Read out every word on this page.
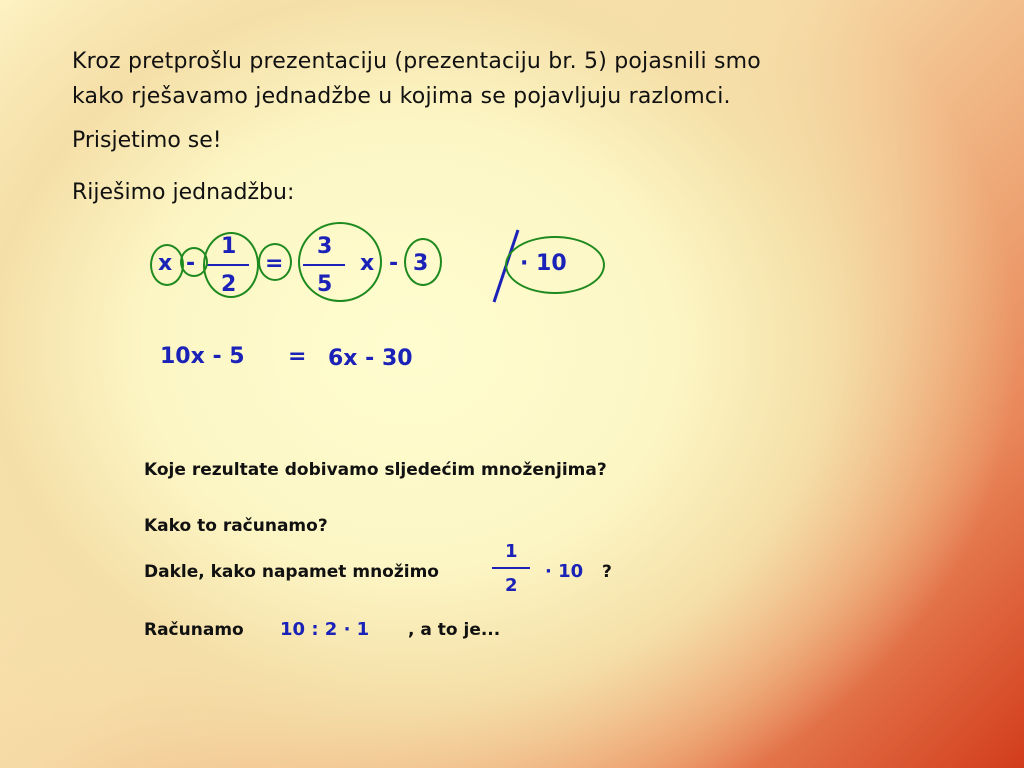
Kroz pretprošlu prezentaciju (prezentaciju br. 5) pojasnili smo

kako rješavamo jednadžbe u kojima se pojavljuju razlomci.

Prisjetimo se!
Riješimo jednadžbu:
x -
1
2
=
3
5
x - 3	· 10
10x - 5 = 6x - 30
Koje rezultate dobivamo sljedećim množenjima?
Kako to računamo?
Dakle, kako napamet množimo
1
2
· 10 ?
Računamo 10 : 2 · 1 , a to je...
